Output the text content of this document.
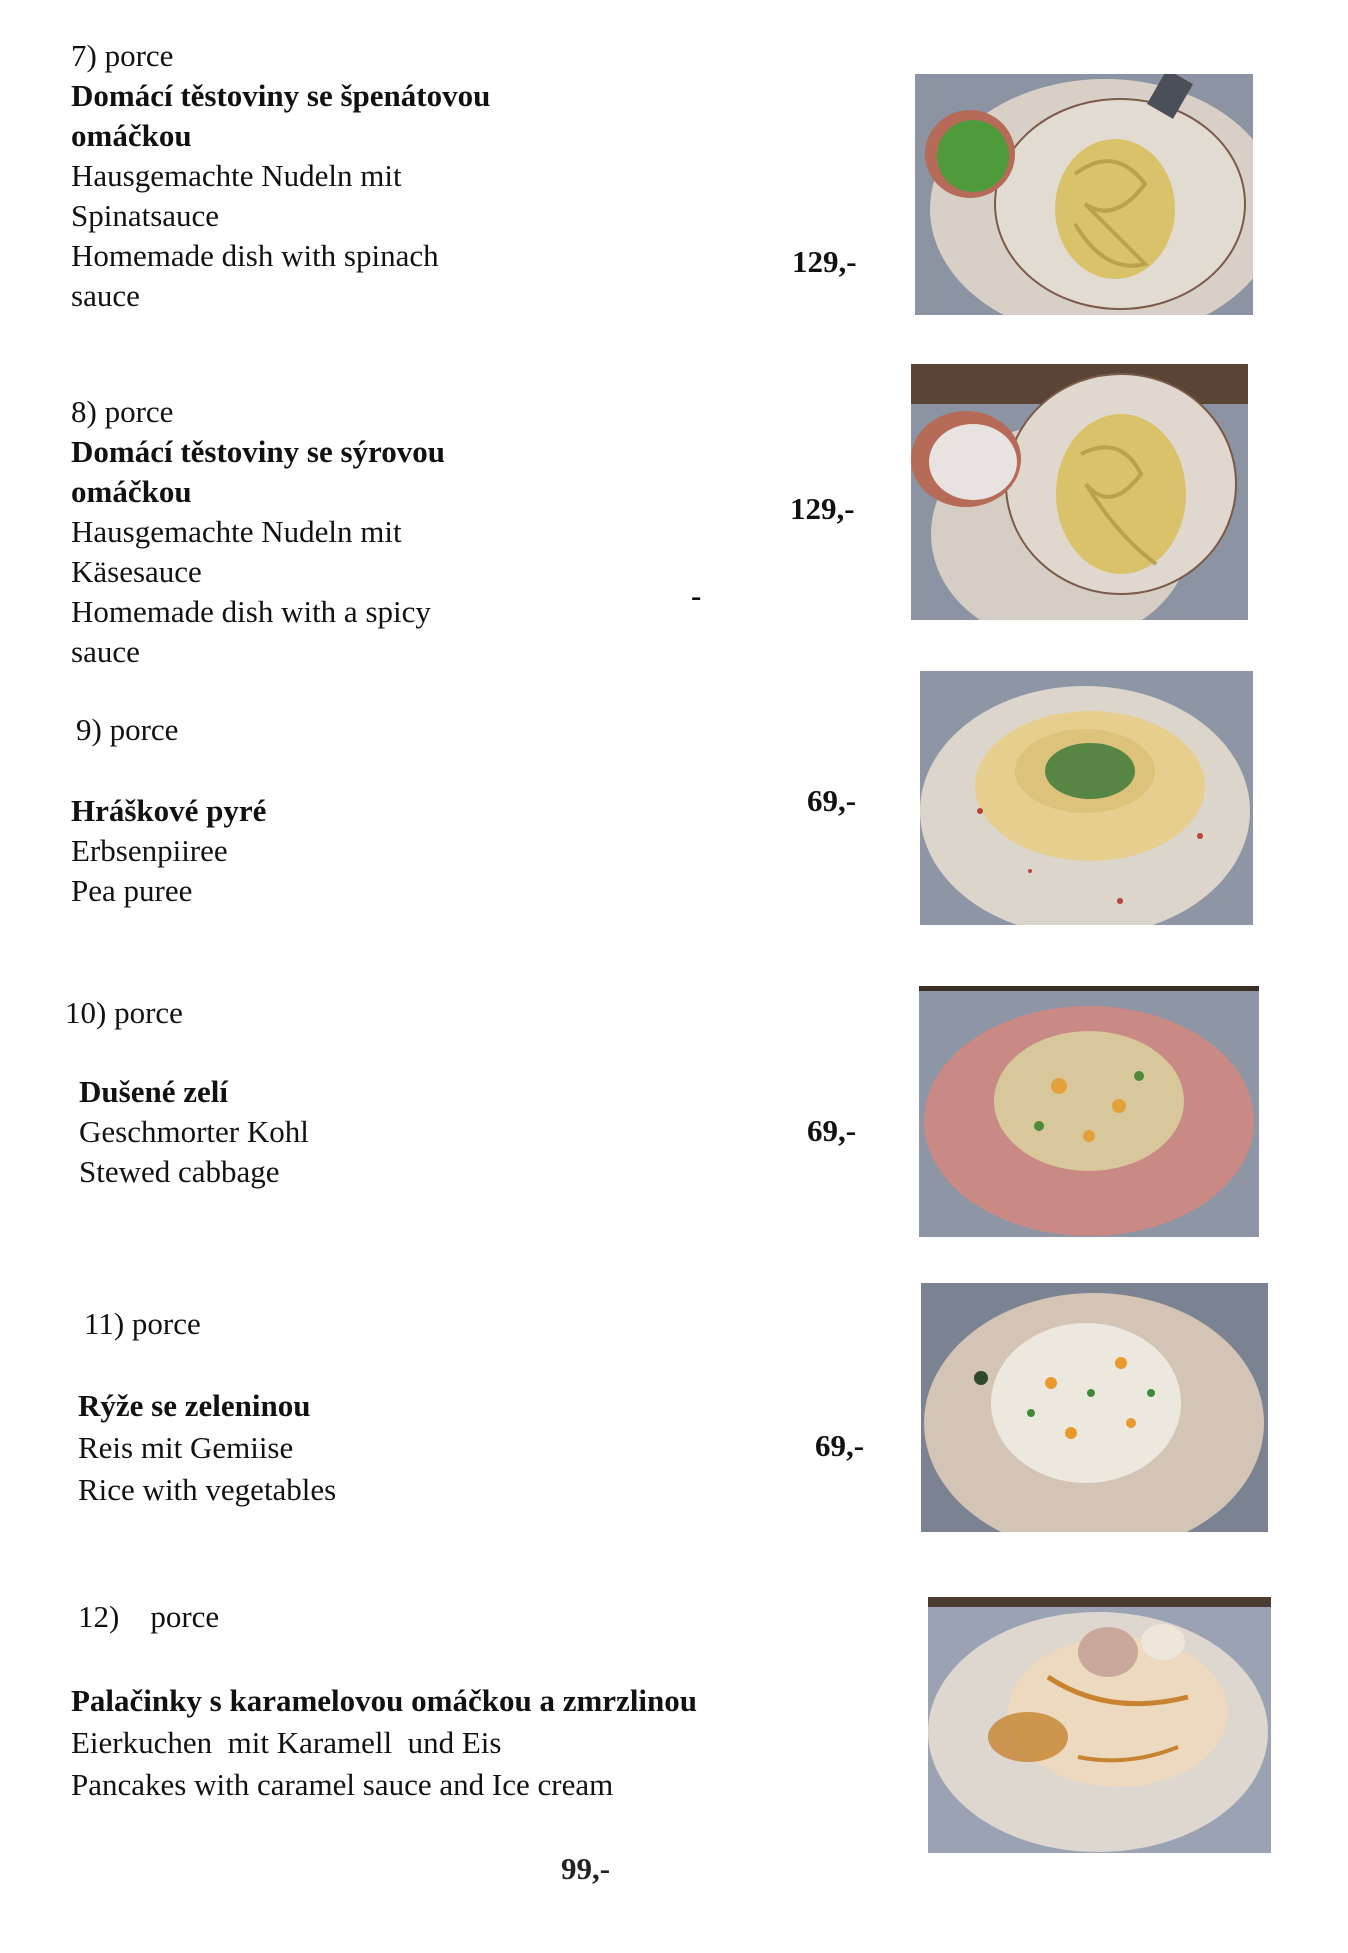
7) porce
Domácí těstoviny se špenátovou
omáčkou
Hausgemachte Nudeln mit
Spinatsauce
Homemade dish with spinach
sauce
129,-
8) porce
Domácí těstoviny se sýrovou
omáčkou
Hausgemachte Nudeln mit
Käsesauce
Homemade dish with a spicy
sauce
129,-
-
9) porce
Hráškové pyré
Erbsenpiiree
Pea puree
69,-
10) porce
Dušené zelí
Geschmorter Kohl
Stewed cabbage
69,-
11) porce
Rýže se zeleninou
Reis mit Gemiise
Rice with vegetables
69,-
12)    porce
Palačinky s karamelovou omáčkou a zmrzlinou
Eierkuchen  mit Karamell  und Eis
Pancakes with caramel sauce and Ice cream
99,-
